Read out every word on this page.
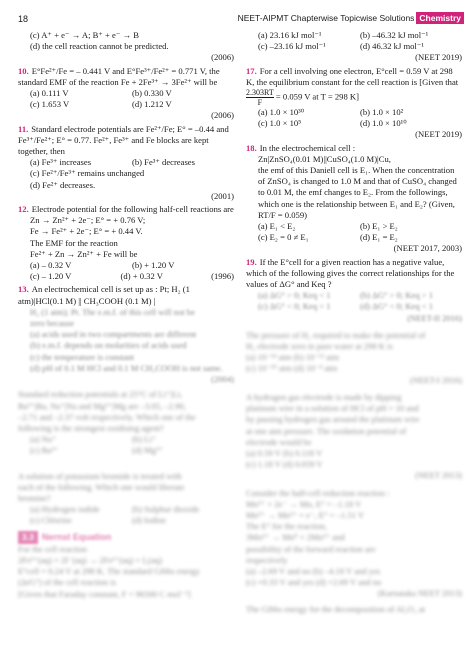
18	NEET-AIPMT Chapterwise Topicwise Solutions Chemistry
(c) A⁺ + e⁻ → A; B⁺ + e⁻ → B
(d) the cell reaction cannot be predicted.
(2006)
10. E°Fe²⁺/Fe = – 0.441 V and E°Fe³⁺/Fe²⁺ = 0.771 V, the standard EMF of the reaction Fe + 2Fe³⁺ → 3Fe²⁺ will be
(a) 0.111 V	(b) 0.330 V
(c) 1.653 V	(d) 1.212 V
(2006)
11. Standard electrode potentials are Fe²⁺/Fe; E° = –0.44 and Fe³⁺/Fe²⁺; E° = 0.77. Fe²⁺, Fe³⁺ and Fe blocks are kept together, then
(a) Fe³⁺ increases	(b) Fe³⁺ decreases
(c) Fe²⁺/Fe³⁺ remains unchanged
(d) Fe²⁺ decreases.
(2001)
12. Electrode potential for the following half-cell reactions are
Zn → Zn²⁺ + 2e⁻; E° = + 0.76 V;
Fe → Fe²⁺ + 2e⁻; E° = + 0.44 V.
The EMF for the reaction
Fe²⁺ + Zn → Zn²⁺ + Fe will be
(a) – 0.32 V	(b) + 1.20 V
(c) – 1.20 V	(d) + 0.32 V	(1996)
13. An electrochemical cell is set up as : Pt; H₂ (1 atm)|HCl(0.1 M) || CH₃COOH (0.1 M) |
H₂ (1 atm); Pt. The e.m.f. of this cell will not be
zero because
(a) acids used in two compartments are different
(b) e.m.f. depends on molarities of acids used
(c) the temperature is constant
(d) pH of 0.1 M HCl and 0.1 M CH₃COOH is not same.
(2004)
Standard reduction potentials at 25°C of Li⁺|Li,
Ba²⁺|Ba, Na⁺|Na and Mg²⁺|Mg are –3.05, –2.90,
–2.71 and –2.37 volt respectively. Which one of the
following is the strongest oxidising agent?
(a) Na⁺	(b) Li⁺
(c) Ba²⁺	(d) Mg²⁺
A solution of potassium bromide is treated with
each of the following. Which one would liberate
bromine?
(a) Hydrogen iodide	(b) Sulphur dioxide
(c) Chlorine	(d) Iodine
3.3 Nernst Equation
For the cell reaction
2Fe³⁺(aq) + 2I⁻(aq) → 2Fe²⁺(aq) + I₂(aq)
E°cell = 0.24 V at 298 K. The standard Gibbs energy
(ΔrG°) of the cell reaction is
[Given that Faraday constant, F = 96500 C mol⁻¹]
(a) 23.16 kJ mol⁻¹	(b) –46.32 kJ mol⁻¹
(c) –23.16 kJ mol⁻¹	(d) 46.32 kJ mol⁻¹
(NEET 2019)
17. For a cell involving one electron, E°cell = 0.59 V at 298 K, the equilibrium constant for the cell reaction is [Given that
$\frac{2.303RT}{F} = 0.059$ V at T = 298 K]
(a) 1.0 × 10³⁰	(b) 1.0 × 10²
(c) 1.0 × 10⁵	(d) 1.0 × 10¹⁰
(NEET 2019)
18. In the electrochemical cell :
Zn|ZnSO₄(0.01 M)||CuSO₄(1.0 M)|Cu,
the emf of this Daniell cell is E₁. When the concentration of ZnSO₄ is changed to 1.0 M and that of CuSO₄ changed to 0.01 M, the emf changes to E₂. From the followings, which one is the relationship between E₁ and E₂? (Given, RT/F = 0.059)
(a) E₁ < E₂	(b) E₁ > E₂
(c) E₂ = 0 ≠ E₁	(d) E₁ = E₂
(NEET 2017, 2003)
19. If the E°cell for a given reaction has a negative value, which of the following gives the correct relationships for the values of ΔG° and Keq ?
(a) ΔG° > 0; Keq < 1	(b) ΔG° > 0; Keq > 1
(c) ΔG° < 0; Keq > 1	(d) ΔG° < 0; Keq < 1
(NEET-II 2016)
The pressure of H₂ required to make the potential of
H₂ electrode zero in pure water at 298 K is
(a) 10⁻¹⁴ atm (b) 10⁻¹² atm
(c) 10⁻¹⁰ atm (d) 10⁻⁴ atm
(NEET-I 2016)
A hydrogen gas electrode is made by dipping
platinum wire in a solution of HCl of pH = 10 and
by passing hydrogen gas around the platinum wire
at one atm pressure. The oxidation potential of
electrode would be
(a) 0.59 V (b) 0.118 V
(c) 1.18 V (d) 0.059 V
(NEET 2013)
Consider the half-cell reduction reaction :
Mn²⁺ + 2e⁻ → Mn, E° = –1.18 V
Mn²⁺ → Mn³⁺ + e⁻, E° = –1.51 V
The E° for the reaction,
3Mn²⁺ → Mn⁰ + 2Mn³⁺ and
possibility of the forward reaction are
respectively
(a) –2.69 V and no (b) –4.18 V and yes
(c) +0.33 V and yes (d) +2.69 V and no
(Karnataka NEET 2013)
The Gibbs energy for the decomposition of Al₂O₃ at
